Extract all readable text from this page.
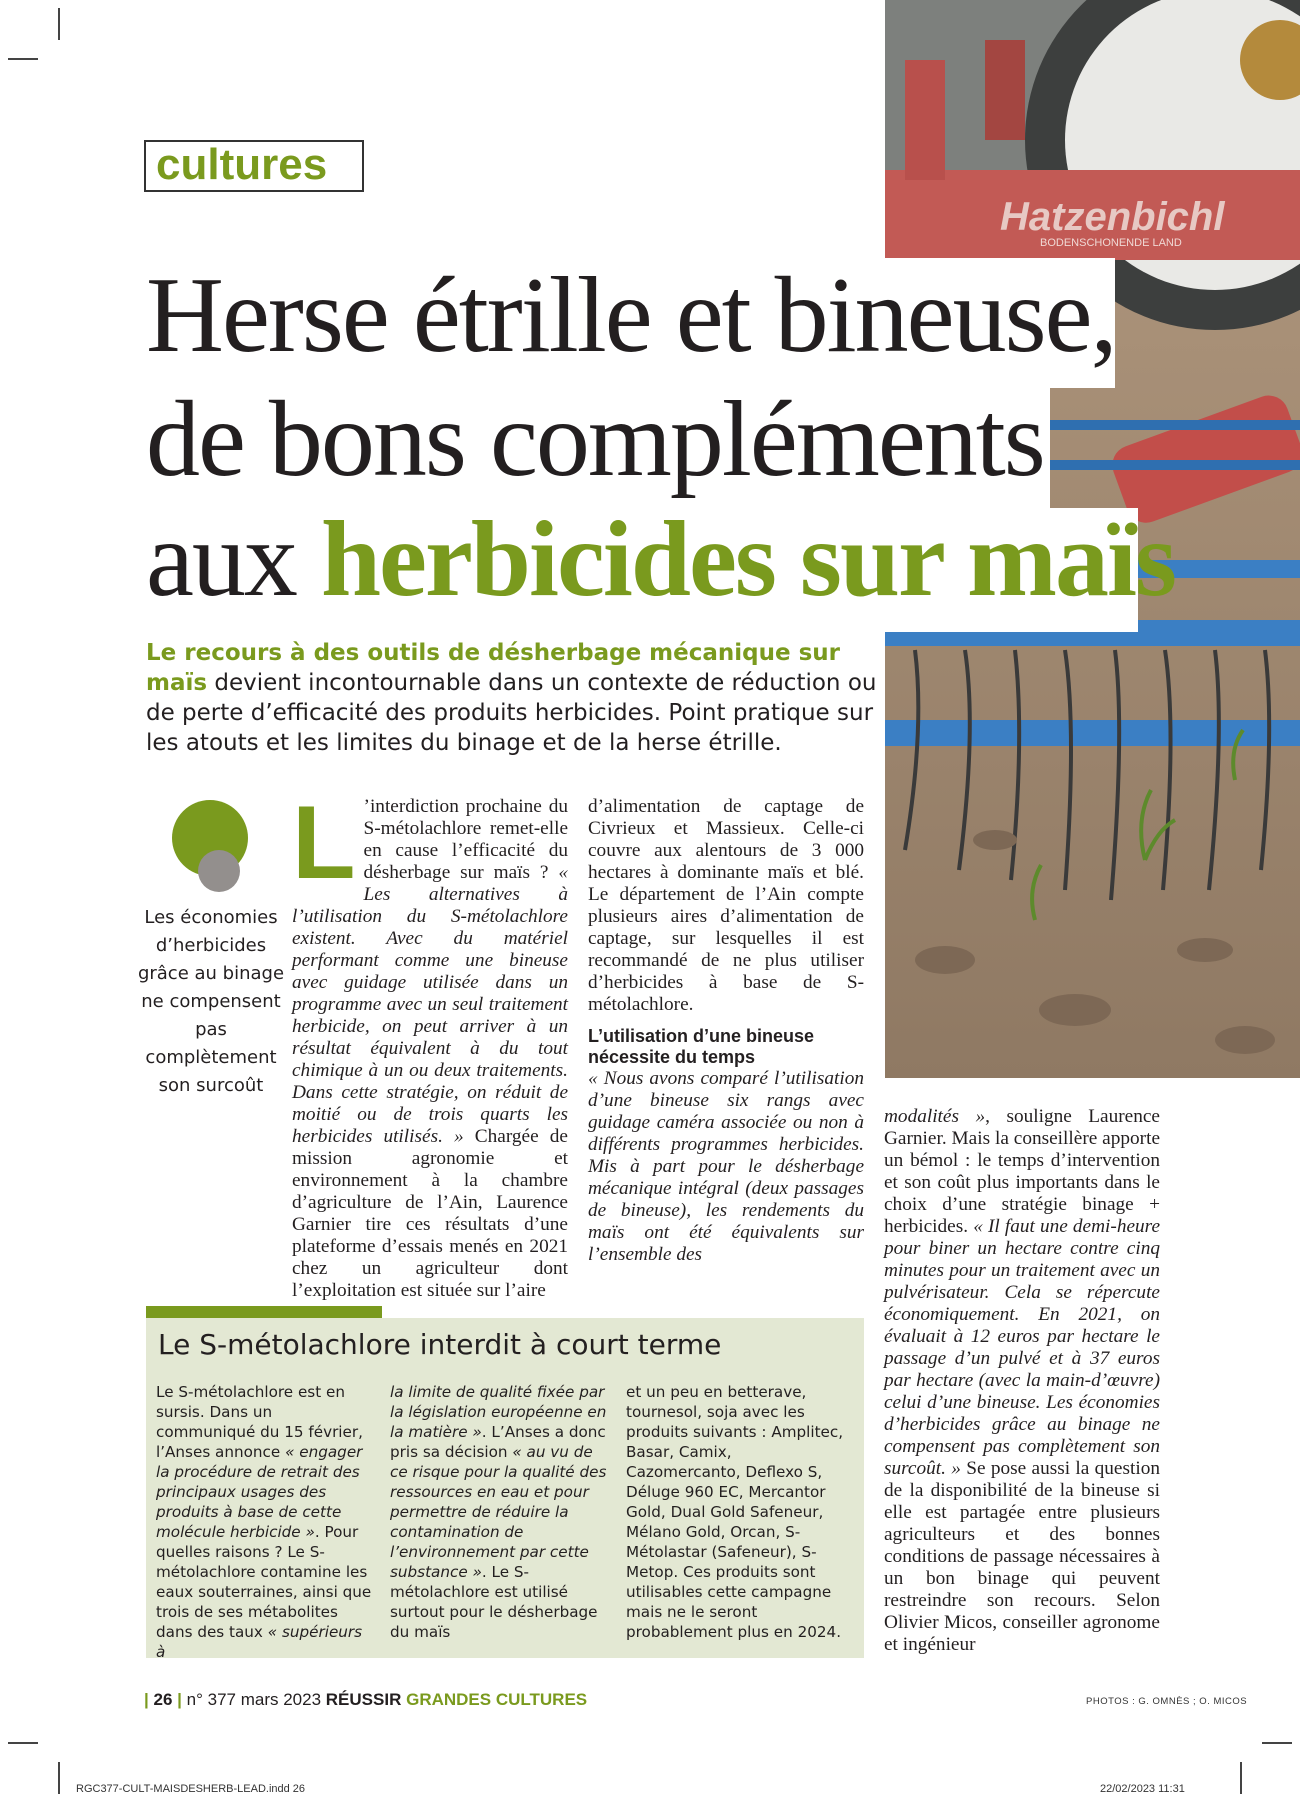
Hatzenbichl
BODENSCHONENDE LAND
cultures
Herse étrille et bineuse,
de bons compléments
aux herbicides sur maïs
Le recours à des outils de désherbage mécanique sur maïs devient incontournable dans un contexte de réduction ou de perte d’efficacité des produits herbicides. Point pratique sur les atouts et les limites du binage et de la herse étrille.
Les économies d’herbicides grâce au binage ne compensent pas complètement son surcoût
L ’interdiction prochaine du S-métolachlore remet-elle en cause l’efficacité du désherbage sur maïs ? « Les alternatives à l’utilisation du S-métolachlore existent. Avec du matériel performant comme une bineuse avec guidage utilisée dans un programme avec un seul traitement herbicide, on peut arriver à un résultat équivalent à du tout chimique à un ou deux traitements. Dans cette stratégie, on réduit de moitié ou de trois quarts les herbicides utilisés. » Chargée de mission agronomie et environnement à la chambre d’agriculture de l’Ain, Laurence Garnier tire ces résultats d’une plateforme d’essais menés en 2021 chez un agriculteur dont l’exploitation est située sur l’aire
d’alimentation de captage de Civrieux et Massieux. Celle-ci couvre aux alentours de 3 000 hectares à dominante maïs et blé. Le département de l’Ain compte plusieurs aires d’alimentation de captage, sur lesquelles il est recommandé de ne plus utiliser d’herbicides à base de S-métolachlore.
L’utilisation d’une bineuse nécessite du temps
« Nous avons comparé l’utilisation d’une bineuse six rangs avec guidage caméra associée ou non à différents programmes herbicides. Mis à part pour le désherbage mécanique intégral (deux passages de bineuse), les rendements du maïs ont été équivalents sur l’ensemble des
modalités », souligne Laurence Garnier. Mais la conseillère apporte un bémol : le temps d’intervention et son coût plus importants dans le choix d’une stratégie binage + herbicides. « Il faut une demi-heure pour biner un hectare contre cinq minutes pour un traitement avec un pulvérisateur. Cela se répercute économiquement. En 2021, on évaluait à 12 euros par hectare le passage d’un pulvé et à 37 euros par hectare (avec la main-d’œuvre) celui d’une bineuse. Les économies d’herbicides grâce au binage ne compensent pas complètement son surcoût. » Se pose aussi la question de la disponibilité de la bineuse si elle est partagée entre plusieurs agriculteurs et des bonnes conditions de passage nécessaires à un bon binage qui peuvent restreindre son recours. Selon Olivier Micos, conseiller agronome et ingénieur
Le S-métolachlore interdit à court terme
Le S-métolachlore est en sursis. Dans un communiqué du 15 février, l’Anses annonce « engager la procédure de retrait des principaux usages des produits à base de cette molécule herbicide ». Pour quelles raisons ? Le S-métolachlore contamine les eaux souterraines, ainsi que trois de ses métabolites dans des taux « supérieurs à
la limite de qualité fixée par la législation européenne en la matière ». L’Anses a donc pris sa décision « au vu de ce risque pour la qualité des ressources en eau et pour permettre de réduire la contamination de l’environnement par cette substance ». Le S-métolachlore est utilisé surtout pour le désherbage du maïs
et un peu en betterave, tournesol, soja avec les produits suivants : Amplitec, Basar, Camix, Cazomercanto, Deflexo S, Déluge 960 EC, Mercantor Gold, Dual Gold Safeneur, Mélano Gold, Orcan, S-Métolastar (Safeneur), S-Metop. Ces produits sont utilisables cette campagne mais ne le seront probablement plus en 2024.
| 26 | n° 377 mars 2023 RÉUSSIR GRANDES CULTURES	PHOTOS : G. OMNÈS ; O. MICOS
RGC377-CULT-MAISDESHERB-LEAD.indd 26	22/02/2023 11:31
